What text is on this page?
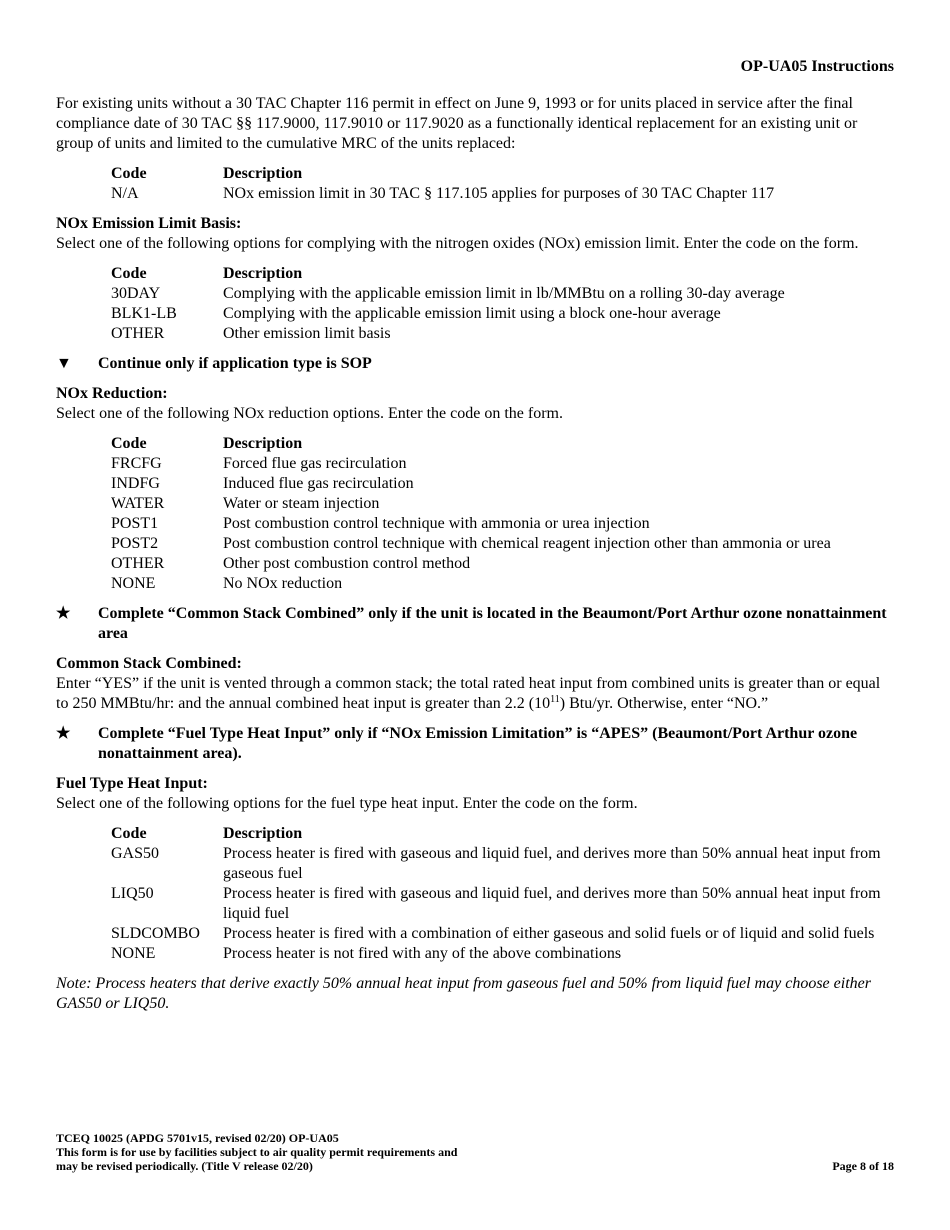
OP-UA05 Instructions

For existing units without a 30 TAC Chapter 116 permit in effect on June 9, 1993 or for units placed in service after the final compliance date of 30 TAC §§ 117.9000, 117.9010 or 117.9020 as a functionally identical replacement for an existing unit or group of units and limited to the cumulative MRC of the units replaced:

Code	Description
N/A	NOx emission limit in 30 TAC § 117.105 applies for purposes of 30 TAC Chapter 117

NOx Emission Limit Basis:

Select one of the following options for complying with the nitrogen oxides (NOx) emission limit. Enter the code on the form.

Code	Description
30DAY	Complying with the applicable emission limit in lb/MMBtu on a rolling 30-day average
BLK1-LB	Complying with the applicable emission limit using a block one-hour average
OTHER	Other emission limit basis
▼	Continue only if application type is SOP

NOx Reduction:

Select one of the following NOx reduction options. Enter the code on the form.

Code	Description
FRCFG	Forced flue gas recirculation
INDFG	Induced flue gas recirculation
WATER	Water or steam injection
POST1	Post combustion control technique with ammonia or urea injection
POST2	Post combustion control technique with chemical reagent injection other than ammonia or urea
OTHER	Other post combustion control method
NONE	No NOx reduction
★	Complete “Common Stack Combined” only if the unit is located in the Beaumont/Port Arthur ozone nonattainment area

Common Stack Combined:

Enter “YES” if the unit is vented through a common stack; the total rated heat input from combined units is greater than or equal to 250 MMBtu/hr: and the annual combined heat input is greater than 2.2 $(10^{11})$ Btu/yr. Otherwise, enter “NO.”

★	Complete “Fuel Type Heat Input” only if “NOx Emission Limitation” is “APES” (Beaumont/Port Arthur ozone nonattainment area).

Fuel Type Heat Input:

Select one of the following options for the fuel type heat input. Enter the code on the form.

Code	Description
GAS50	Process heater is fired with gaseous and liquid fuel, and derives more than 50% annual heat input from gaseous fuel
LIQ50	Process heater is fired with gaseous and liquid fuel, and derives more than 50% annual heat input from liquid fuel
SLDCOMBO	Process heater is fired with a combination of either gaseous and solid fuels or of liquid and solid fuels
NONE	Process heater is not fired with any of the above combinations

Note: Process heaters that derive exactly 50% annual heat input from gaseous fuel and 50% from liquid fuel may choose either GAS50 or LIQ50.

TCEQ 10025 (APDG 5701v15, revised 02/20) OP-UA05
This form is for use by facilities subject to air quality permit requirements and
may be revised periodically. (Title V release 02/20)	Page 8 of 18
